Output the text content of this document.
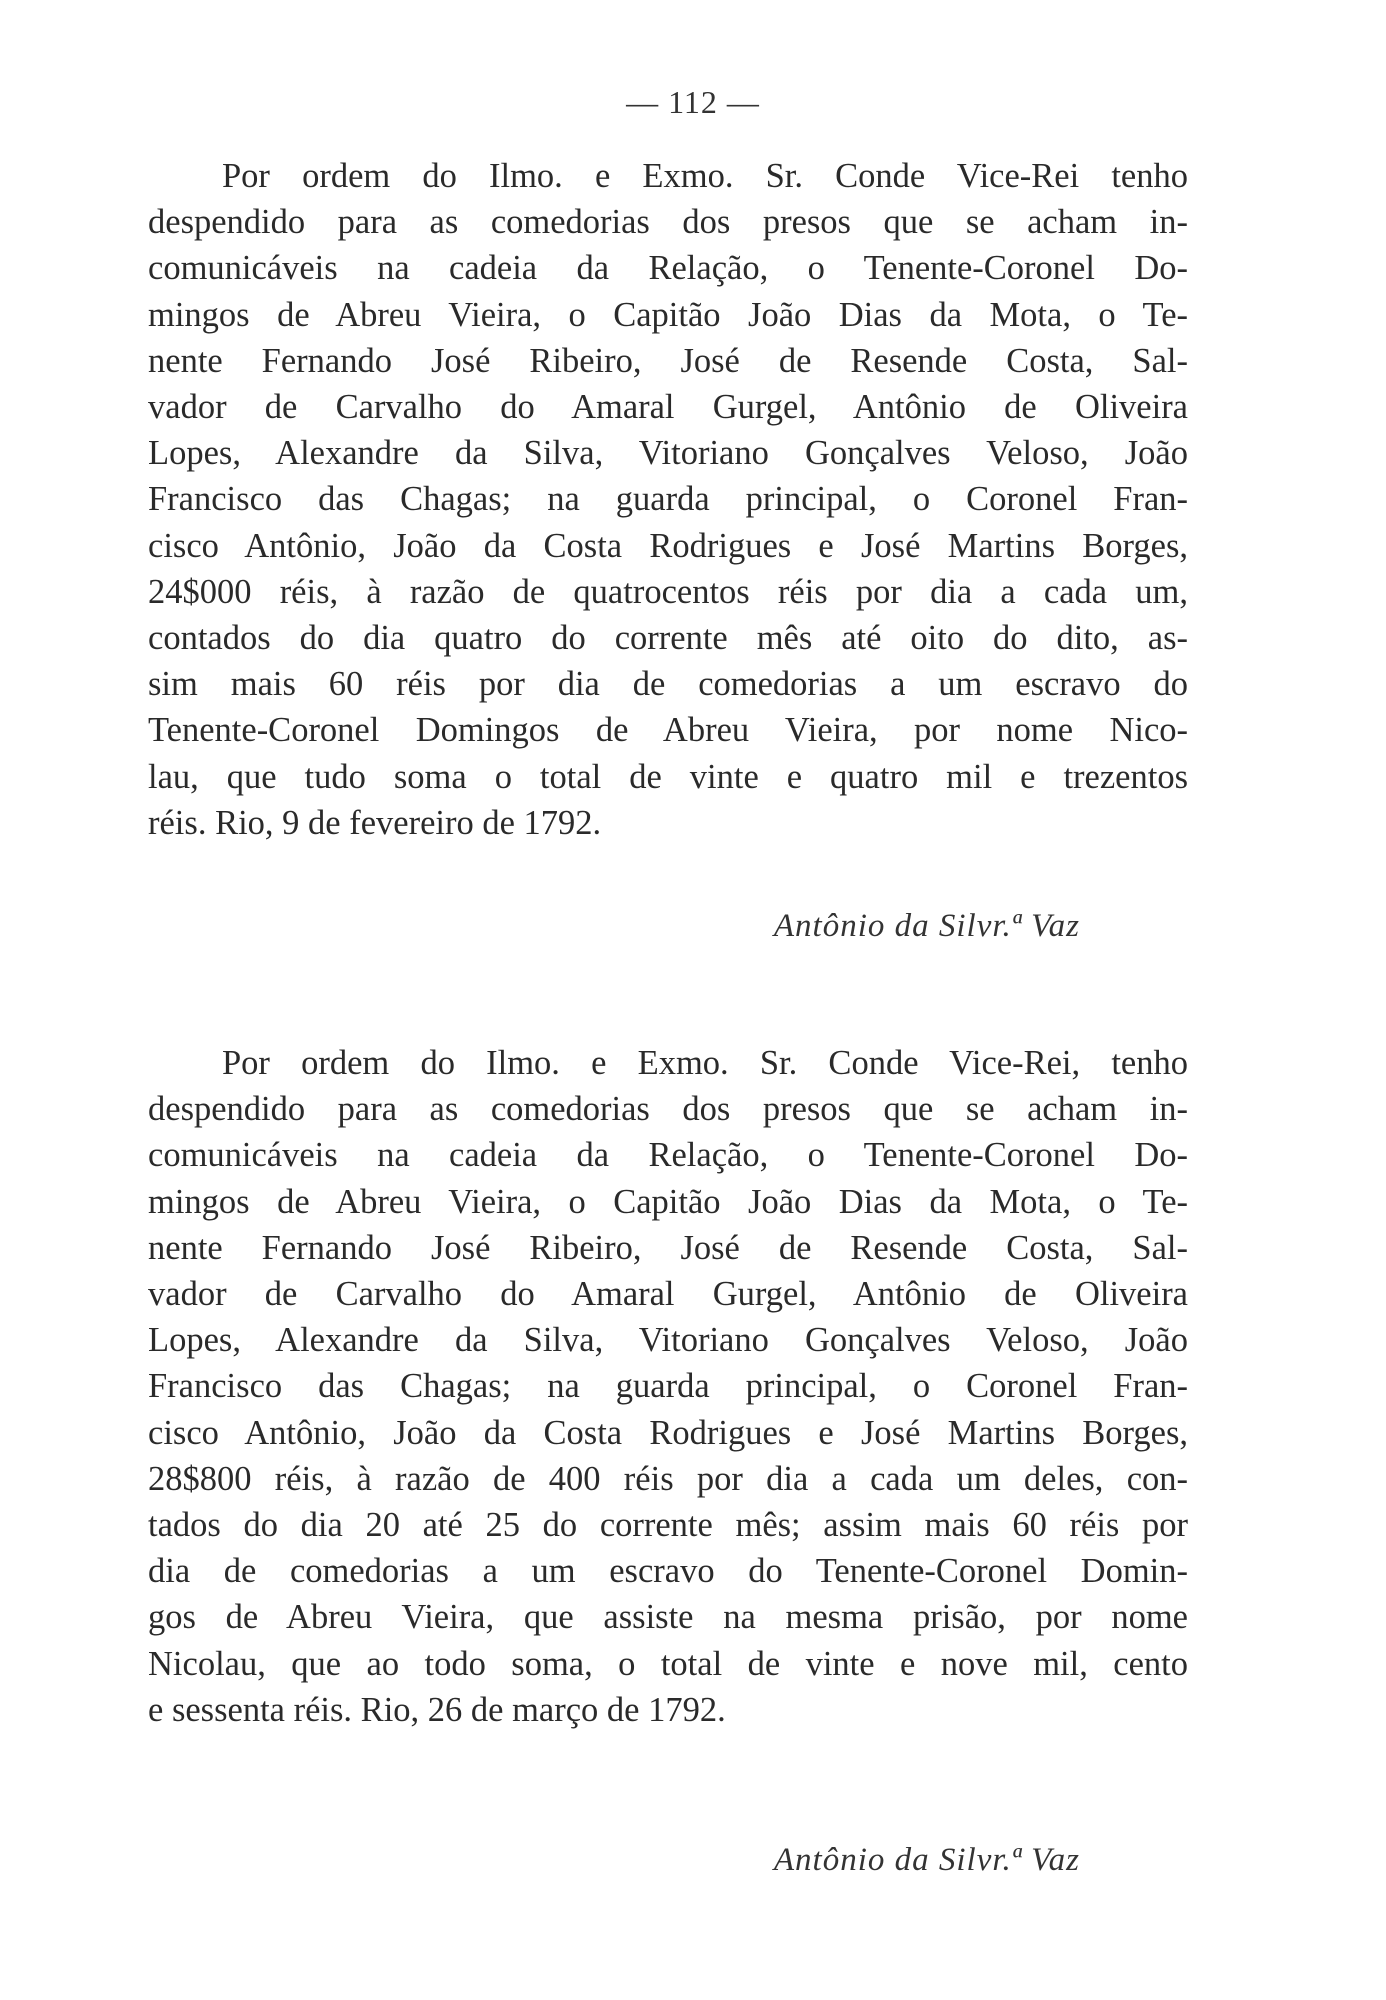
— 112 —
Por ordem do Ilmo. e Exmo. Sr. Conde Vice-Rei tenho
despendido para as comedorias dos presos que se acham in-
comunicáveis na cadeia da Relação, o Tenente-Coronel Do-
mingos de Abreu Vieira, o Capitão João Dias da Mota, o Te-
nente Fernando José Ribeiro, José de Resende Costa, Sal-
vador de Carvalho do Amaral Gurgel, Antônio de Oliveira
Lopes, Alexandre da Silva, Vitoriano Gonçalves Veloso, João
Francisco das Chagas; na guarda principal, o Coronel Fran-
cisco Antônio, João da Costa Rodrigues e José Martins Borges,
24$000 réis, à razão de quatrocentos réis por dia a cada um,
contados do dia quatro do corrente mês até oito do dito, as-
sim mais 60 réis por dia de comedorias a um escravo do
Tenente-Coronel Domingos de Abreu Vieira, por nome Nico-
lau, que tudo soma o total de vinte e quatro mil e trezentos
réis. Rio, 9 de fevereiro de 1792.
Antônio da Silvr.ª Vaz
Por ordem do Ilmo. e Exmo. Sr. Conde Vice-Rei, tenho
despendido para as comedorias dos presos que se acham in-
comunicáveis na cadeia da Relação, o Tenente-Coronel Do-
mingos de Abreu Vieira, o Capitão João Dias da Mota, o Te-
nente Fernando José Ribeiro, José de Resende Costa, Sal-
vador de Carvalho do Amaral Gurgel, Antônio de Oliveira
Lopes, Alexandre da Silva, Vitoriano Gonçalves Veloso, João
Francisco das Chagas; na guarda principal, o Coronel Fran-
cisco Antônio, João da Costa Rodrigues e José Martins Borges,
28$800 réis, à razão de 400 réis por dia a cada um deles, con-
tados do dia 20 até 25 do corrente mês; assim mais 60 réis por
dia de comedorias a um escravo do Tenente-Coronel Domin-
gos de Abreu Vieira, que assiste na mesma prisão, por nome
Nicolau, que ao todo soma, o total de vinte e nove mil, cento
e sessenta réis. Rio, 26 de março de 1792.
Antônio da Silvr.ª Vaz
